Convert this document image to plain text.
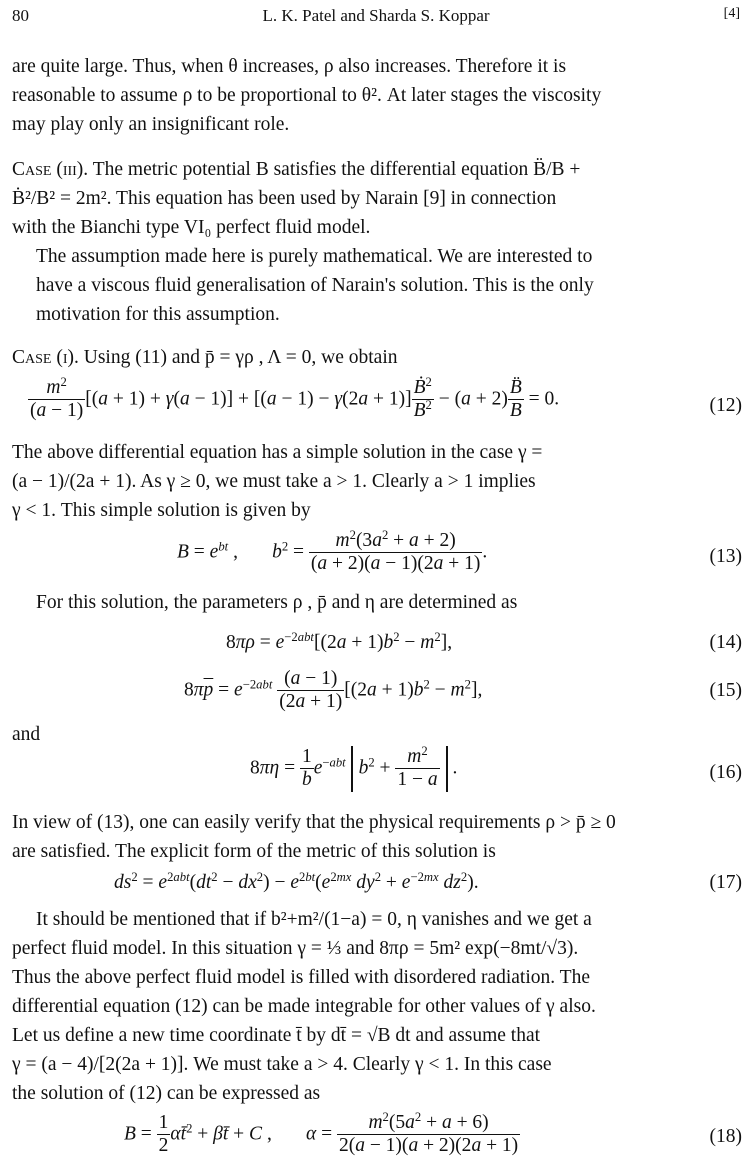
80	L. K. Patel and Sharda S. Koppar	[4]
are quite large. Thus, when θ increases, ρ also increases. Therefore it is
reasonable to assume ρ to be proportional to θ². At later stages the viscosity
may play only an insignificant role.
Case (iii). The metric potential B satisfies the differential equation B̈/B +
Ḃ²/B² = 2m². This equation has been used by Narain [9] in connection
with the Bianchi type VI₀ perfect fluid model.
The assumption made here is purely mathematical. We are interested to
have a viscous fluid generalisation of Narain's solution. This is the only
motivation for this assumption.
Case (i). Using (11) and p̄ = γρ , Λ = 0, we obtain
$\frac{m^2}{(a - 1)} [(a + 1) + \gamma(a - 1)] + [(a - 1) - \gamma(2a + 1)] \frac{Ḃ^2}{B^2} - (a + 2) \frac{B̈}{B} = 0$.	(12)
The above differential equation has a simple solution in the case γ =
(a − 1)/(2a + 1). As γ ≥ 0, we must take a > 1. Clearly a > 1 implies
γ < 1. This simple solution is given by
$B = e^{bt}$ ,       $b^2 = \frac{m^2(3a^2 + a + 2)}{(a + 2)(a - 1)(2a + 1)}$ .	(13)
For this solution, the parameters ρ , p̄ and η are determined as
$8\pi\rho = e^{-2abt}[(2a + 1)b^2 - m^2]$,	(14)
$8\pi\overline{p} = e^{-2abt} \frac{(a - 1)}{(2a + 1)} [(2a + 1)b^2 - m^2]$,	(15)
and
$8\pi\eta = \frac{1}{b} e^{-abt}$ $b^2 + \frac{m^2}{1 - a}$ .	(16)
In view of (13), one can easily verify that the physical requirements ρ > p̄ ≥ 0
are satisfied. The explicit form of the metric of this solution is
$ds^2 = e^{2abt}(dt^2 - dx^2) - e^{2bt}(e^{2mx}$ $dy^2 + e^{-2mx}$ $dz^2$).	(17)
It should be mentioned that if b²+m²/(1−a) = 0, η vanishes and we get a
perfect fluid model. In this situation γ = ⅓ and 8πρ = 5m² exp(−8mt/√3).
Thus the above perfect fluid model is filled with disordered radiation. The
differential equation (12) can be made integrable for other values of γ also.
Let us define a new time coordinate t̄ by dt̄ = √B dt and assume that
γ = (a − 4)/[2(2a + 1)]. We must take a > 4. Clearly γ < 1. In this case
the solution of (12) can be expressed as
$B = \frac{1}{2}$ αt̄$^2$ + βt̄ + C ,       $\alpha = \frac{m^2(5a^2 + a + 6)}{2(a - 1)(a + 2)(2a + 1)}$	(18)
